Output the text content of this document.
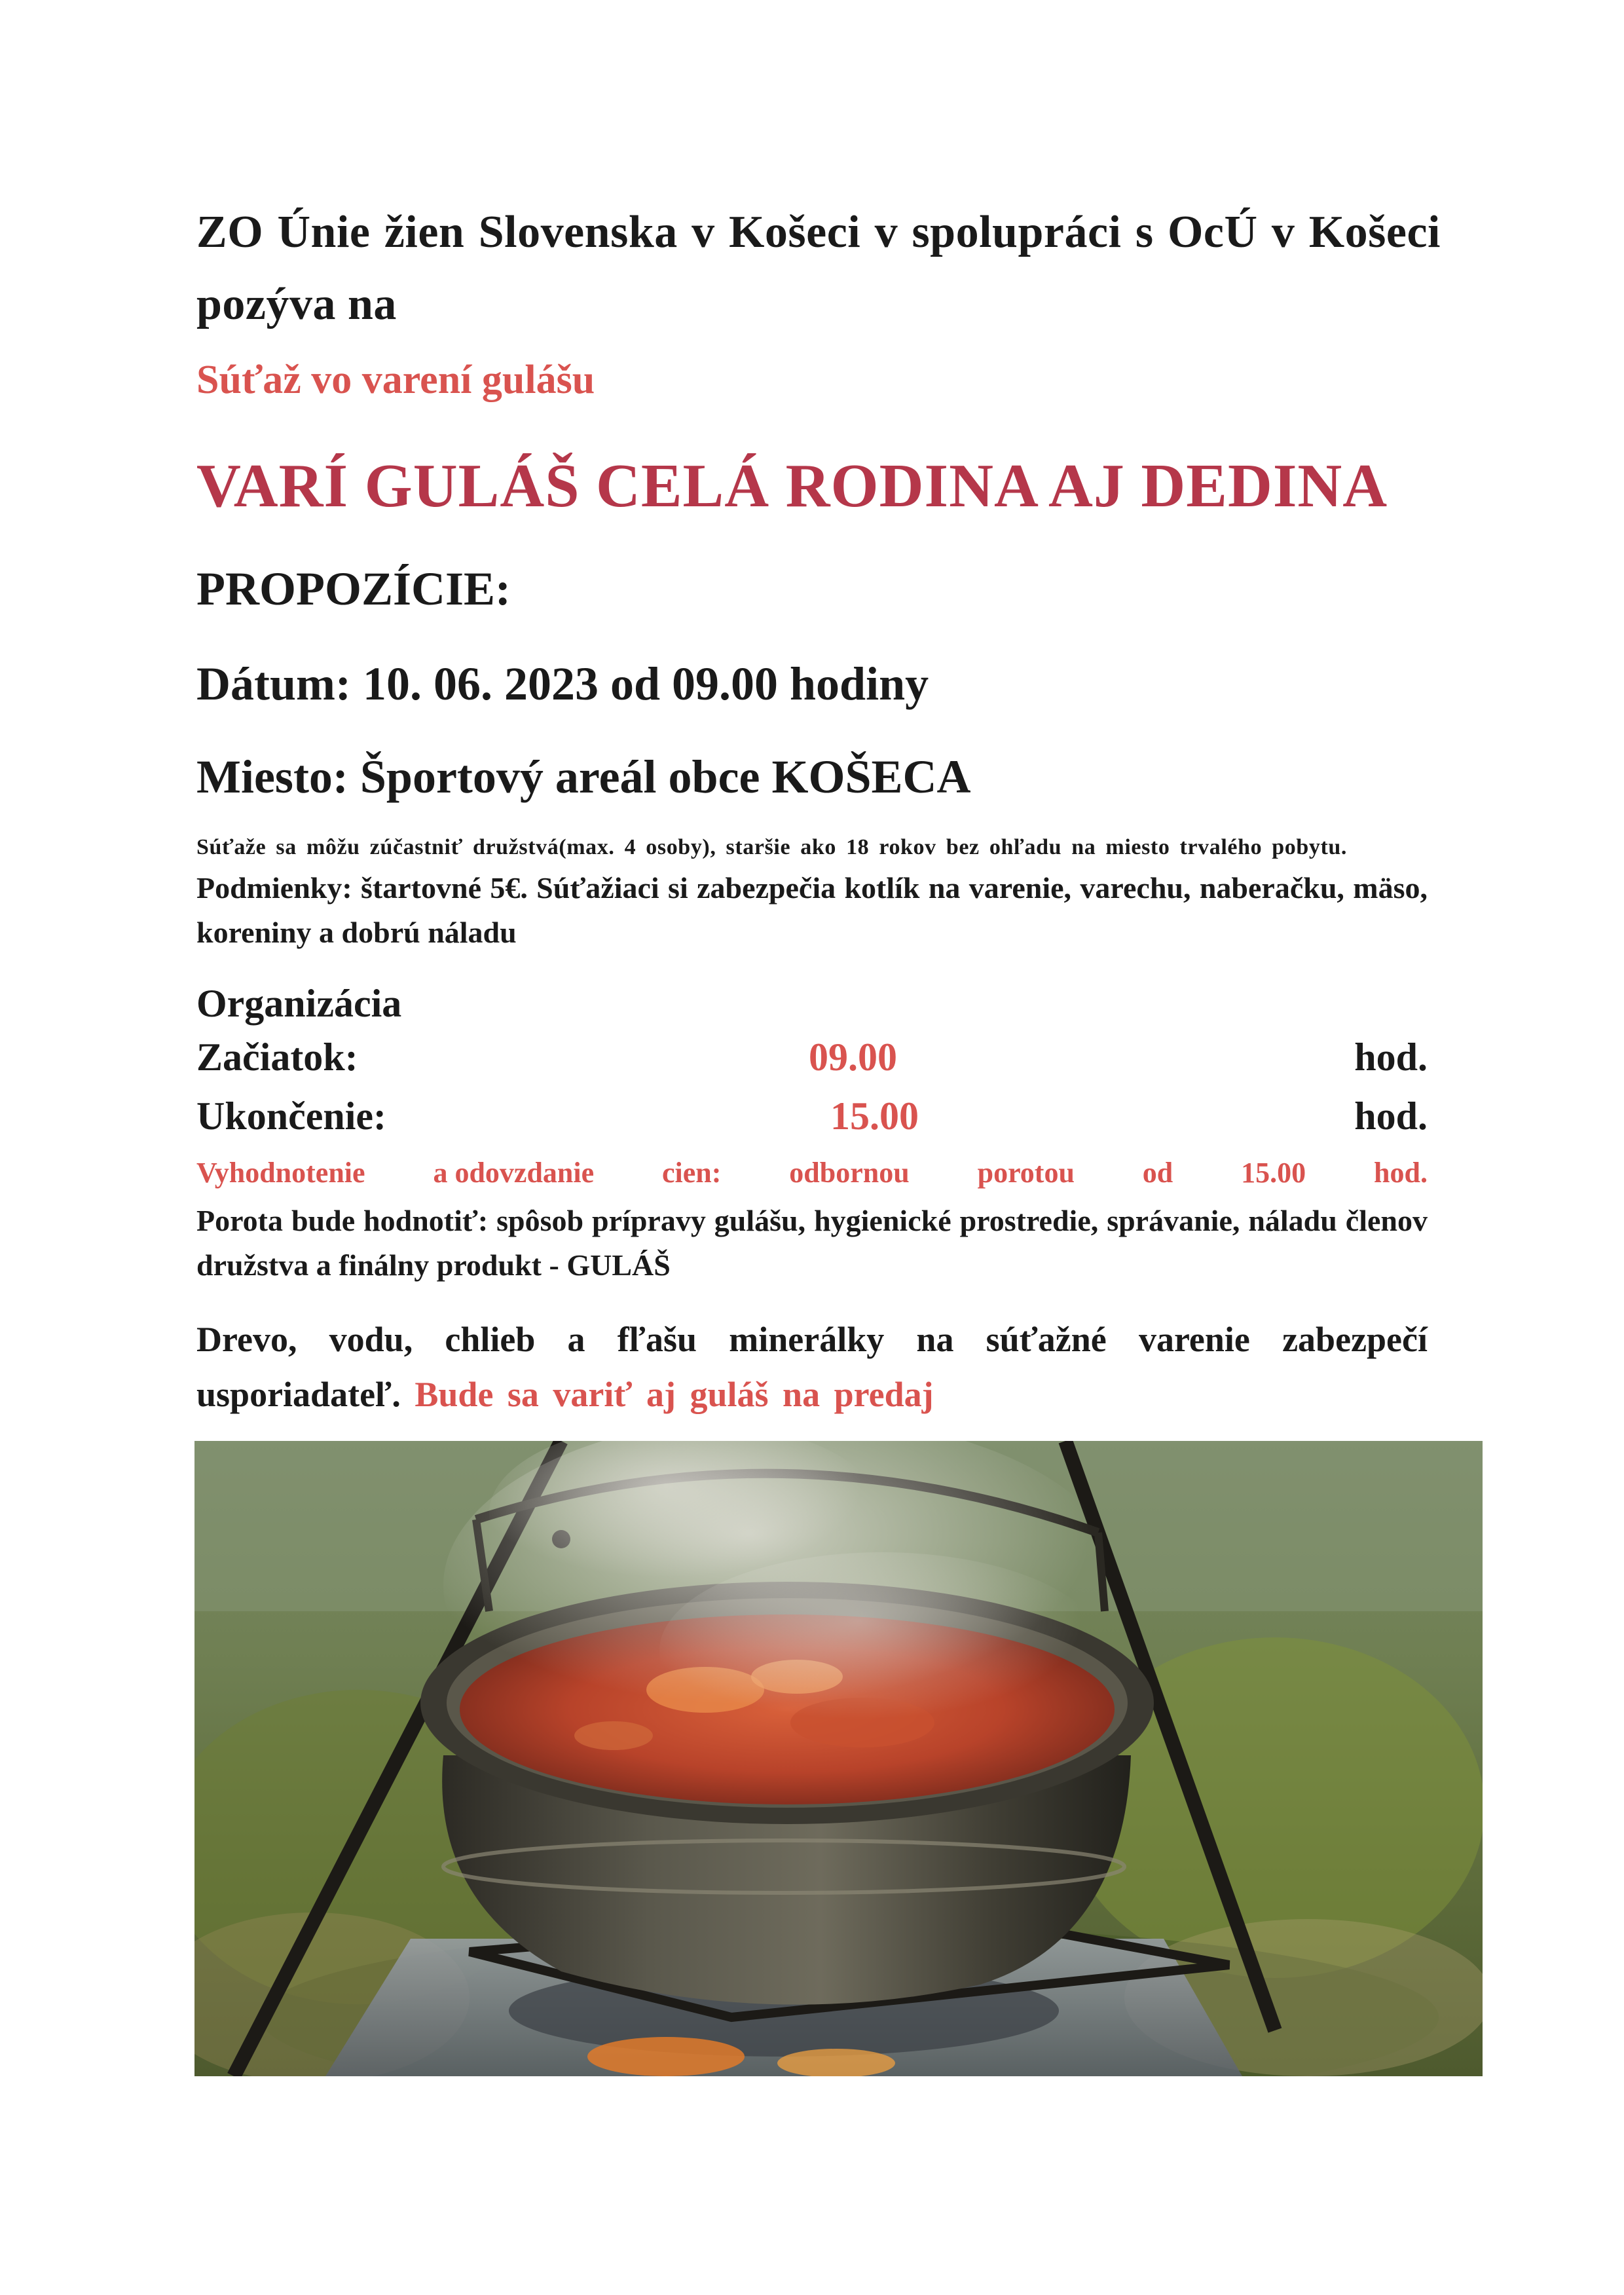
ZO Únie žien Slovenska v Košeci v spolupráci s OcÚ v Košeci pozýva na

Súťaž vo varení gulášu

VARÍ GULÁŠ CELÁ RODINA AJ DEDINA

PROPOZÍCIE:

Dátum: 10. 06. 2023 od 09.00 hodiny

Miesto: Športový areál obce KOŠECA

Súťaže sa môžu zúčastniť družstvá(max. 4 osoby), staršie ako 18 rokov bez ohľadu na miesto trvalého pobytu.

Podmienky: štartovné 5€. Súťažiaci si zabezpečia kotlík na varenie, varechu, naberačku, mäso, koreniny a dobrú náladu

Organizácia

Začiatok:	09.00	hod.
Ukončenie:	15.00	hod.

Vyhodnotenie a odovzdanie cien: odbornou porotou od 15.00 hod.

Porota bude hodnotiť: spôsob prípravy gulášu, hygienické prostredie, správanie, náladu členov družstva a finálny produkt - GULÁŠ

Drevo, vodu, chlieb a fľašu minerálky na súťažné varenie zabezpečí usporiadateľ. Bude sa variť aj guláš na predaj
